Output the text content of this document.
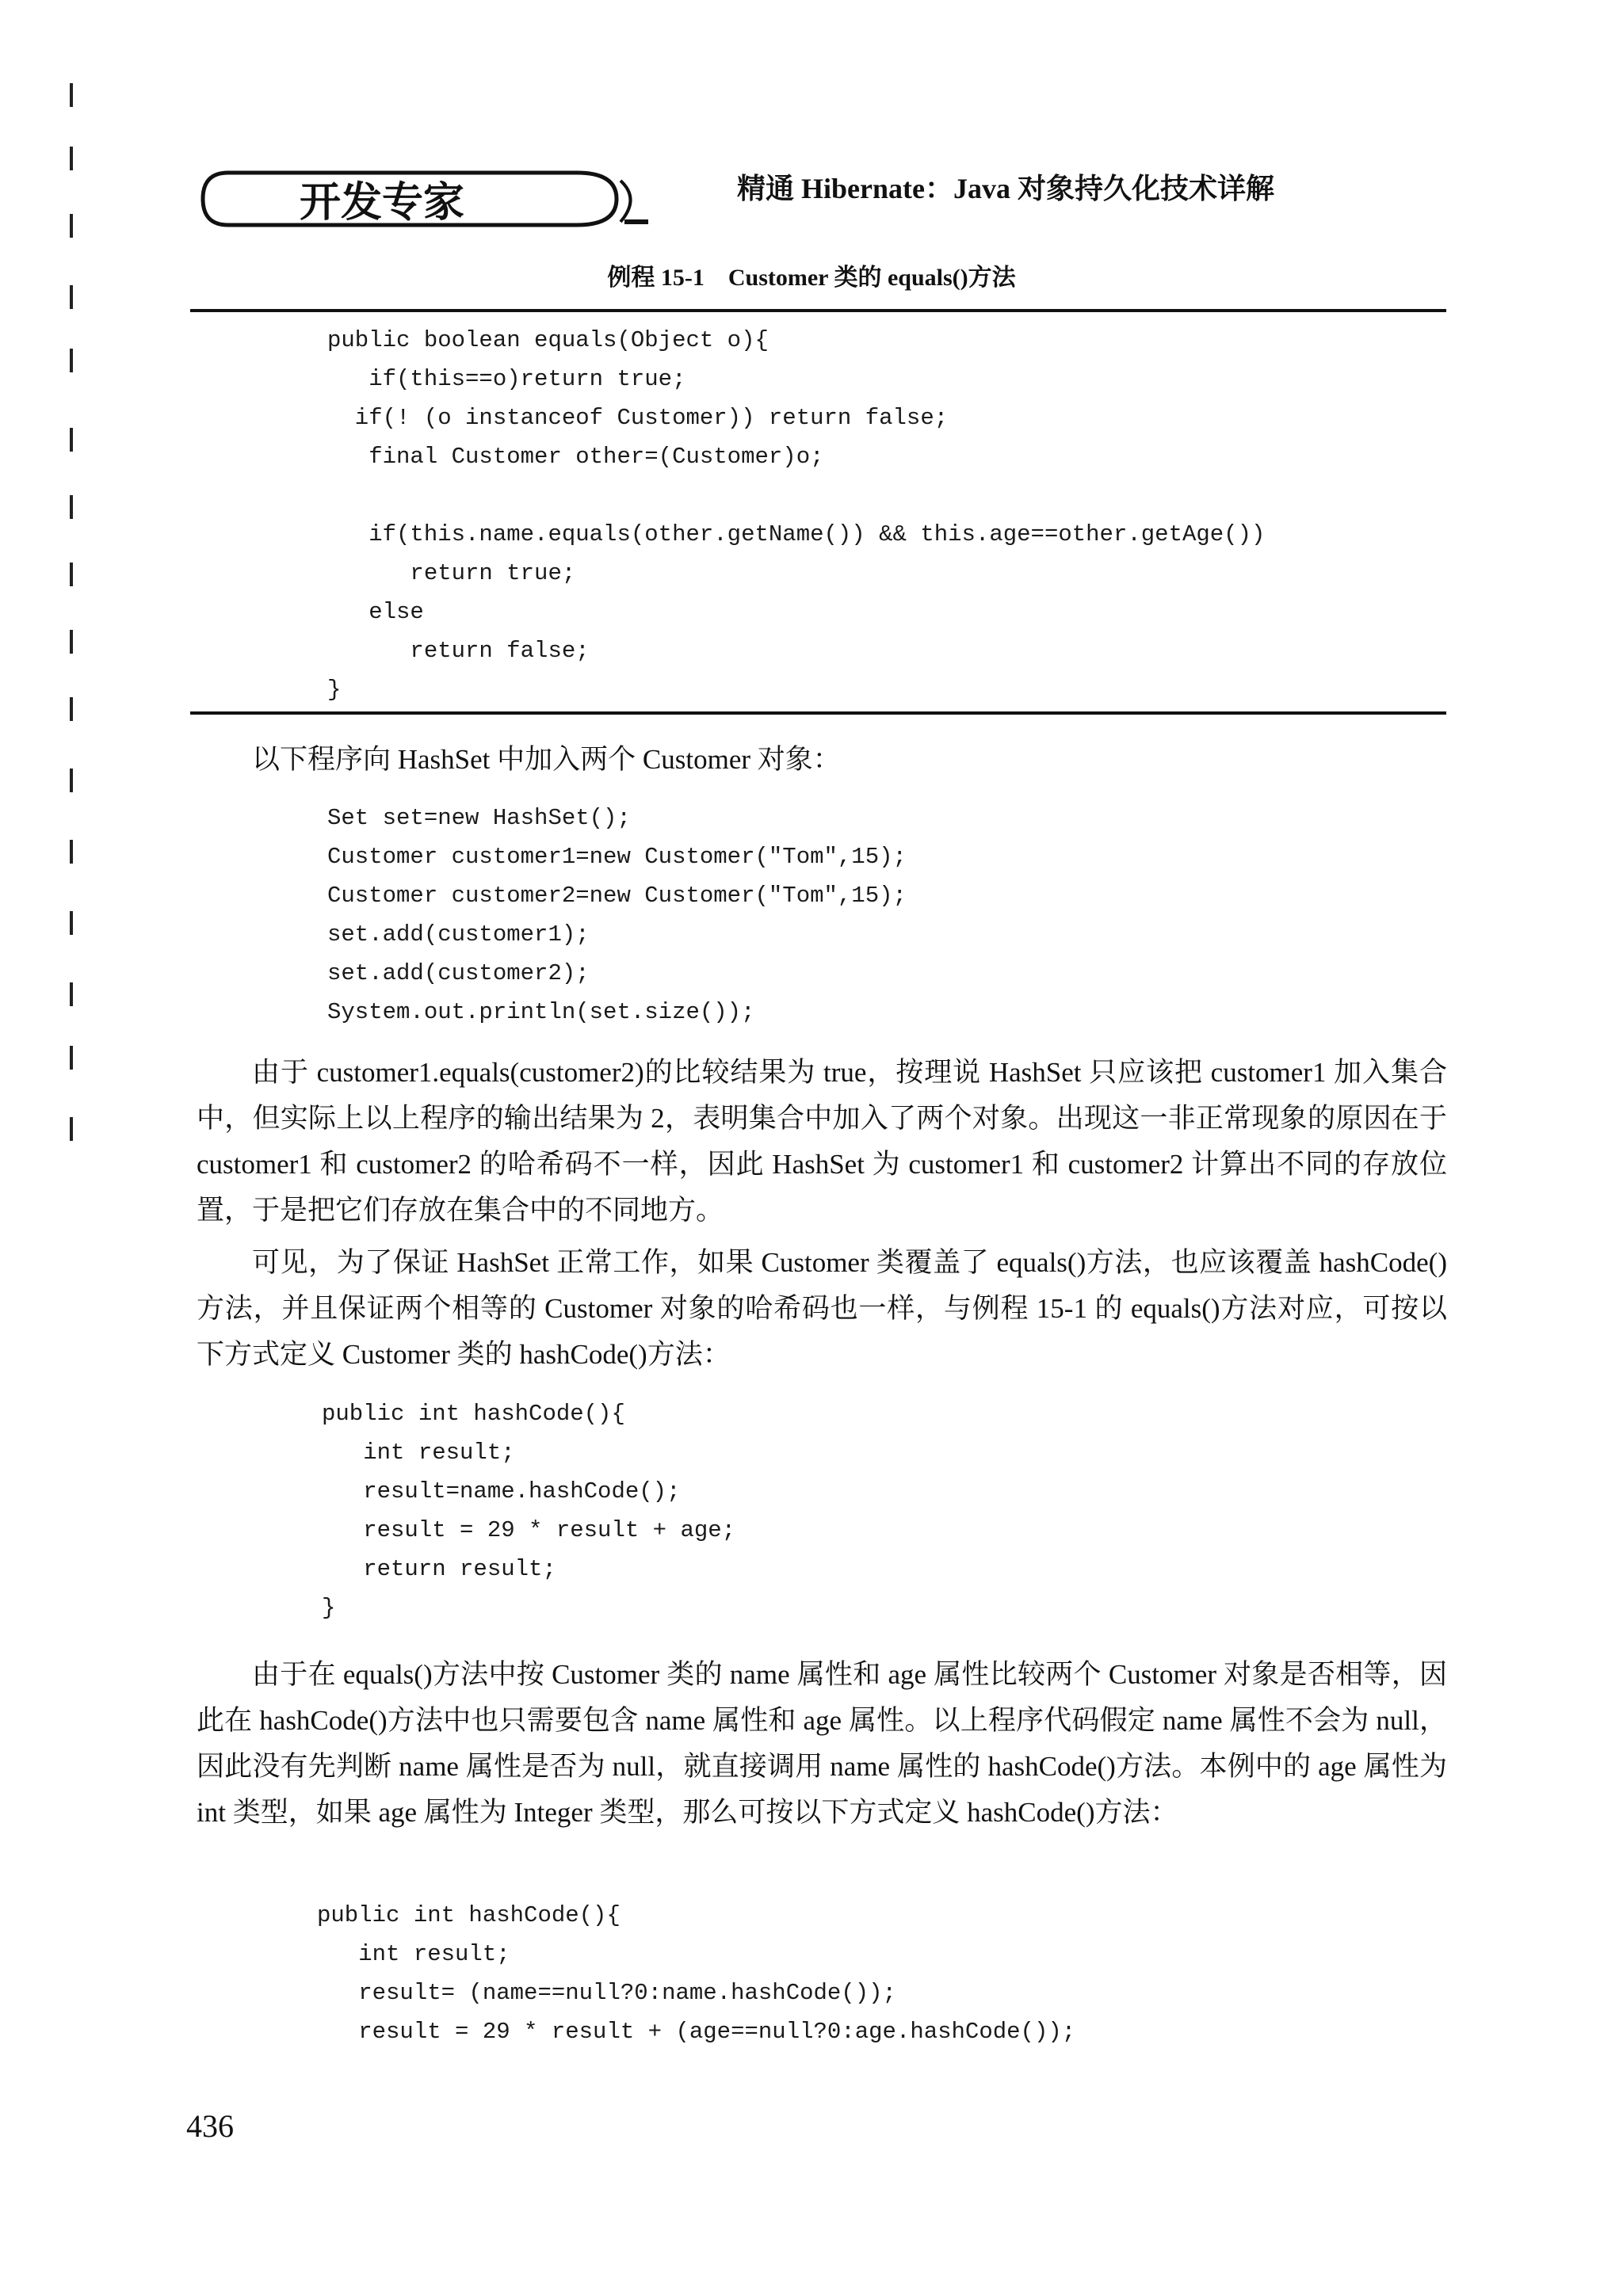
开发专家	精通 Hibernate：Java 对象持久化技术详解
例程 15-1　Customer 类的 equals()方法
public boolean equals(Object o){
if(this==o)return true;
if(! (o instanceof Customer)) return false;
final Customer other=(Customer)o;

if(this.name.equals(other.getName()) && this.age==other.getAge())
return true;
else
return false;
}

以下程序向 HashSet 中加入两个 Customer 对象：

Set set=new HashSet();
Customer customer1=new Customer("Tom",15);
Customer customer2=new Customer("Tom",15);
set.add(customer1);
set.add(customer2);
System.out.println(set.size());

由于 customer1.equals(customer2)的比较结果为 true，按理说 HashSet 只应该把 customer1 加入集合中，但实际上以上程序的输出结果为 2，表明集合中加入了两个对象。出现这一非正常现象的原因在于 customer1 和 customer2 的哈希码不一样，因此 HashSet 为 customer1 和 customer2 计算出不同的存放位置，于是把它们存放在集合中的不同地方。

可见，为了保证 HashSet 正常工作，如果 Customer 类覆盖了 equals()方法，也应该覆盖 hashCode()方法，并且保证两个相等的 Customer 对象的哈希码也一样，与例程 15-1 的 equals()方法对应，可按以下方式定义 Customer 类的 hashCode()方法：

public int hashCode(){
int result;
result=name.hashCode();
result = 29 * result + age;
return result;
}

由于在 equals()方法中按 Customer 类的 name 属性和 age 属性比较两个 Customer 对象是否相等，因此在 hashCode()方法中也只需要包含 name 属性和 age 属性。以上程序代码假定 name 属性不会为 null，因此没有先判断 name 属性是否为 null，就直接调用 name 属性的 hashCode()方法。本例中的 age 属性为 int 类型，如果 age 属性为 Integer 类型，那么可按以下方式定义 hashCode()方法：

public int hashCode(){
int result;
result= (name==null?0:name.hashCode());
result = 29 * result + (age==null?0:age.hashCode());
436
